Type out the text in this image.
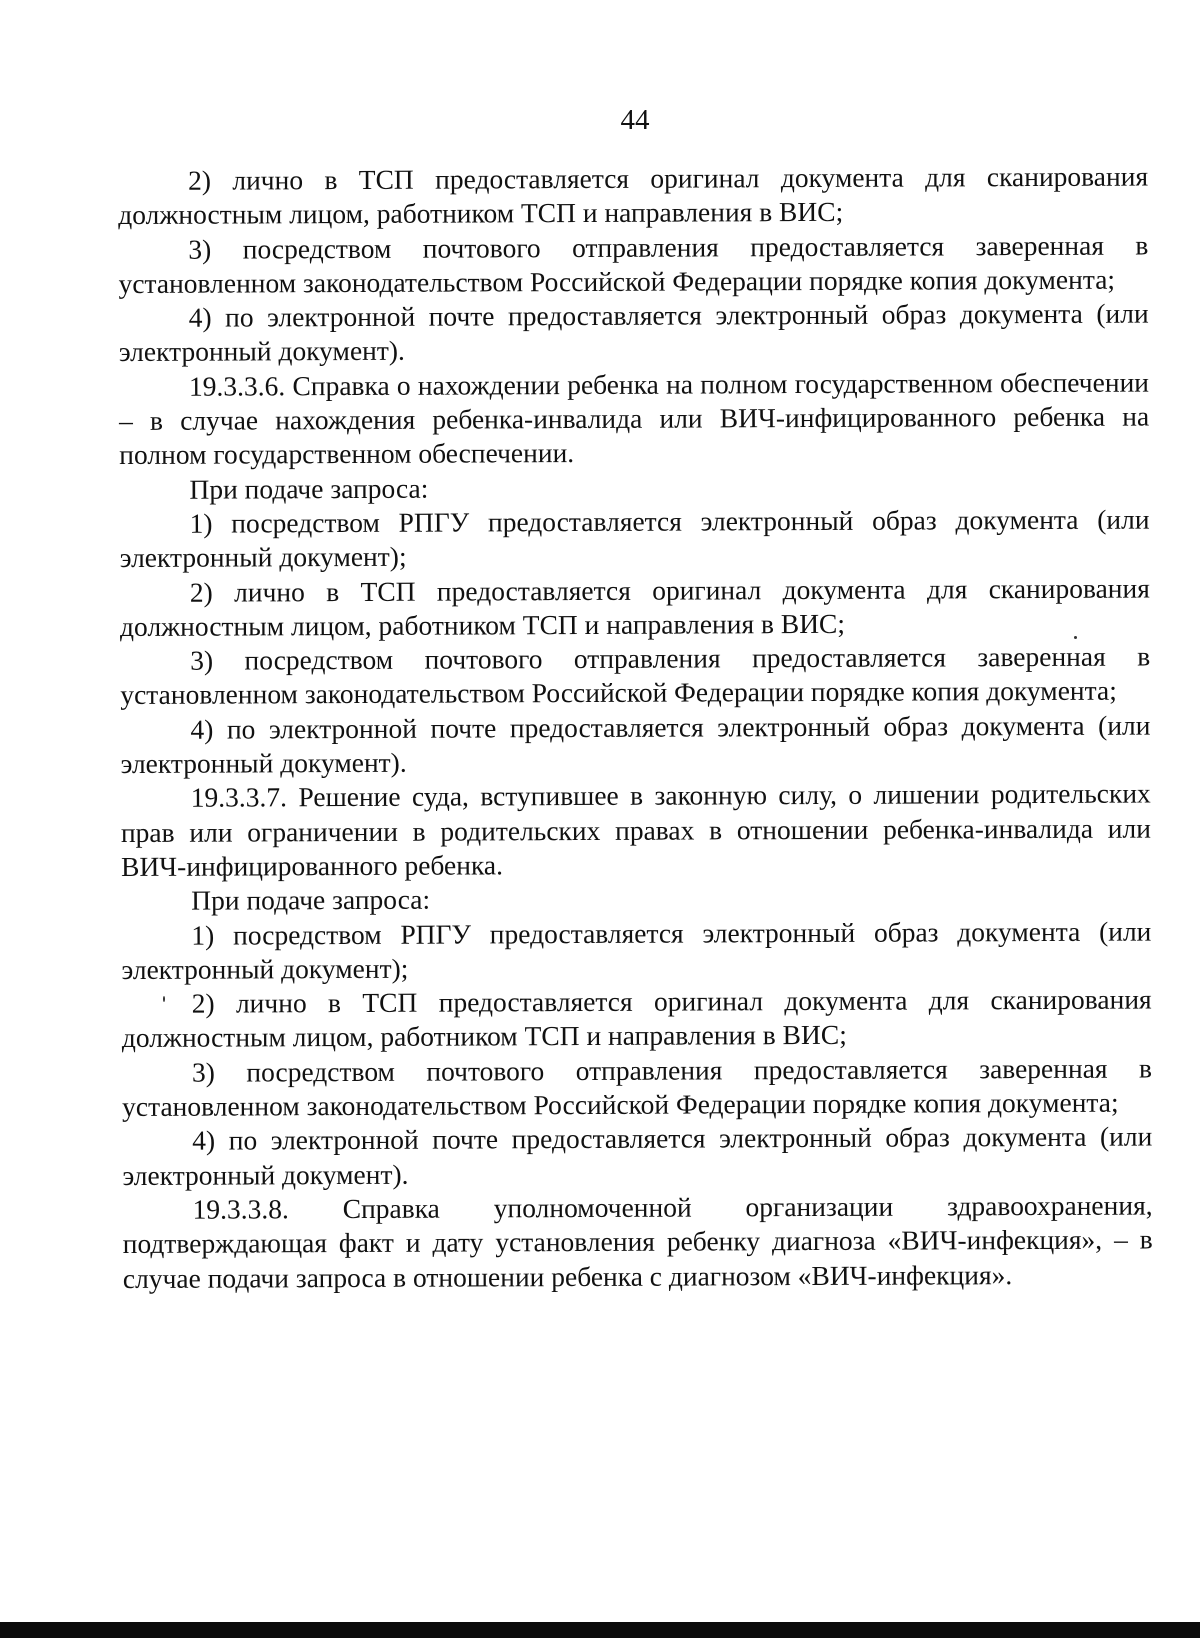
44

2) лично в ТСП предоставляется оригинал документа для сканирования должностным лицом, работником ТСП и направления в ВИС;

3) посредством почтового отправления предоставляется заверенная в установленном законодательством Российской Федерации порядке копия документа;

4) по электронной почте предоставляется электронный образ документа (или электронный документ).

19.3.3.6. Справка о нахождении ребенка на полном государственном обеспечении – в случае нахождения ребенка-инвалида или ВИЧ-инфицированного ребенка на полном государственном обеспечении.

При подаче запроса:

1) посредством РПГУ предоставляется электронный образ документа (или электронный документ);

2) лично в ТСП предоставляется оригинал документа для сканирования должностным лицом, работником ТСП и направления в ВИС;

3) посредством почтового отправления предоставляется заверенная в установленном законодательством Российской Федерации порядке копия документа;

4) по электронной почте предоставляется электронный образ документа (или электронный документ).

19.3.3.7. Решение суда, вступившее в законную силу, о лишении родительских прав или ограничении в родительских правах в отношении ребенка-инвалида или ВИЧ-инфицированного ребенка.

При подаче запроса:

1) посредством РПГУ предоставляется электронный образ документа (или электронный документ);

2) лично в ТСП предоставляется оригинал документа для сканирования должностным лицом, работником ТСП и направления в ВИС;

3) посредством почтового отправления предоставляется заверенная в установленном законодательством Российской Федерации порядке копия документа;

4) по электронной почте предоставляется электронный образ документа (или электронный документ).

19.3.3.8. Справка уполномоченной организации здравоохранения, подтверждающая факт и дату установления ребенку диагноза «ВИЧ-инфекция», – в случае подачи запроса в отношении ребенка с диагнозом «ВИЧ-инфекция».
